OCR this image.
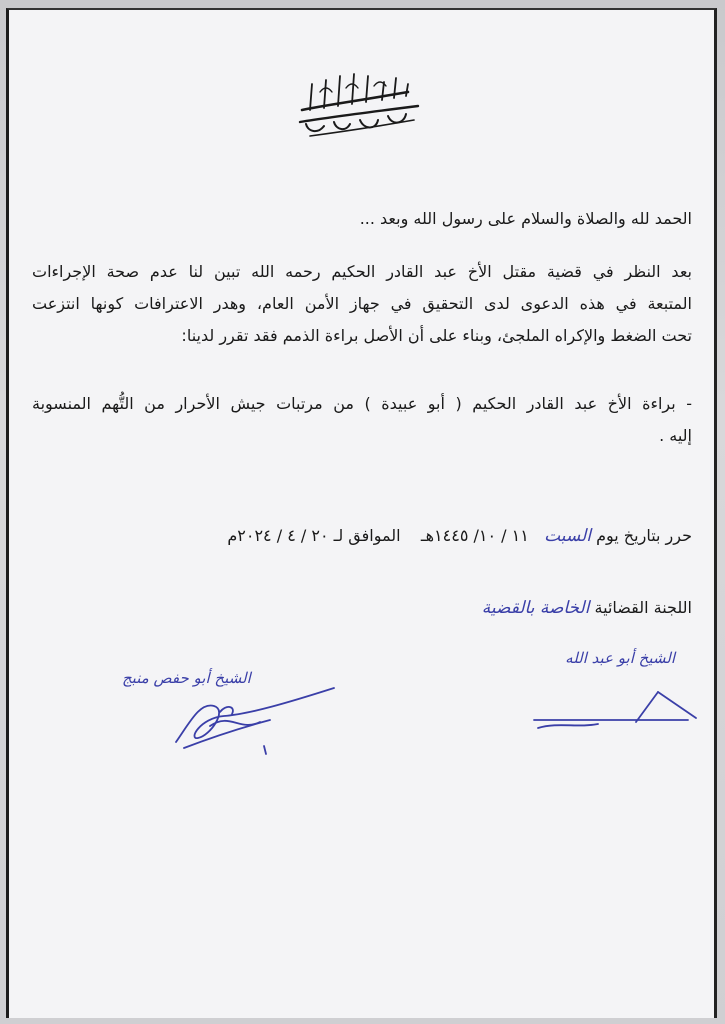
الحمد لله والصلاة والسلام على رسول الله وبعد ...
بعد النظر في قضية مقتل الأخ عبد القادر الحكيم رحمه الله تبين لنا عدم صحة الإجراءات
المتبعة في هذه الدعوى لدى التحقيق في جهاز الأمن العام، وهدر الاعترافات كونها انتزعت
تحت الضغط والإكراه الملجئ، وبناء على أن الأصل براءة الذمم فقد تقرر لدينا:
- براءة الأخ عبد القادر الحكيم ( أبو عبيدة ) من مرتبات جيش الأحرار من التُّهم المنسوبة
إليه .
حرر بتاريخ يوم السبت   ١١ / ١٠/ ١٤٤٥هـ    الموافق لـ ٢٠ / ٤ / ٢٠٢٤م
اللجنة القضائية الخاصة بالقضية
الشيخ أبو عبد الله
الشيخ أبو حفص منبج
